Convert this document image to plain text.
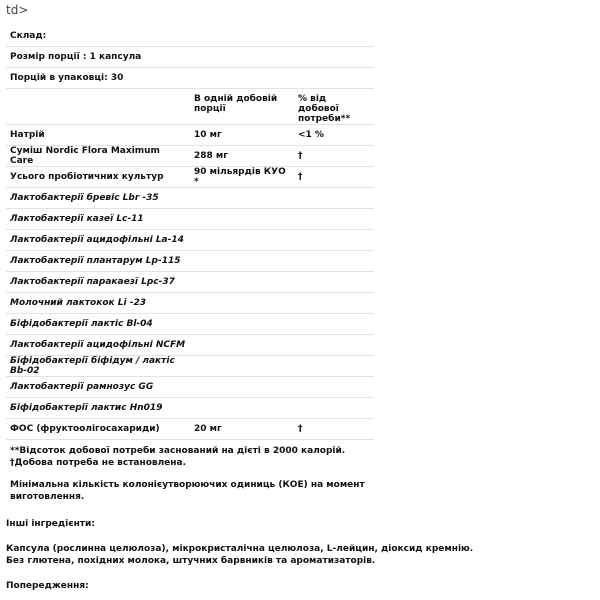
td>
Склад:		
Розмір порції : 1 капсула		
Порцій в упаковці: 30		
	В одній добовій порції	% від добової потреби**
Натрій	10 мг	<1 %
Суміш Nordic Flora Maximum Care	288 мг	†
Усього пробіотичних культур	90 мільярдів КУО *	†
Лактобактерії бревіс Lbr -35		
Лактобактерії казеї Lc-11		
Лактобактерії ацидофільні La-14		
Лактобактерії плантарум Lp-115		
Лактобактерії паракаезї Lpc-37		
Молочний лактокок Li -23		
Біфідобактерії лактіс Bl-04		
Лактобактерії ацидофільні NCFM		
Біфідобактерії біфідум / лактіс Bb-02		
Лактобактерії рамнозус GG		
Біфідобактерії лактис Hn019		
ФОС (фруктоолігосахариди)	20 мг	†

**Відсоток добової потреби заснований на дієті в 2000 калорій.

†Добова потреба не встановлена.

Мінімальна кількість колонієутворюючих одиниць (КОЕ) на момент виготовлення.

Інші інгредієнти:
Капсула (рослинна целюлоза), мікрокристалічна целюлоза, L-лейцин, діоксид кремнію.
Без глютена, похідних молока, штучних барвників та ароматизаторів.
Попередження:
